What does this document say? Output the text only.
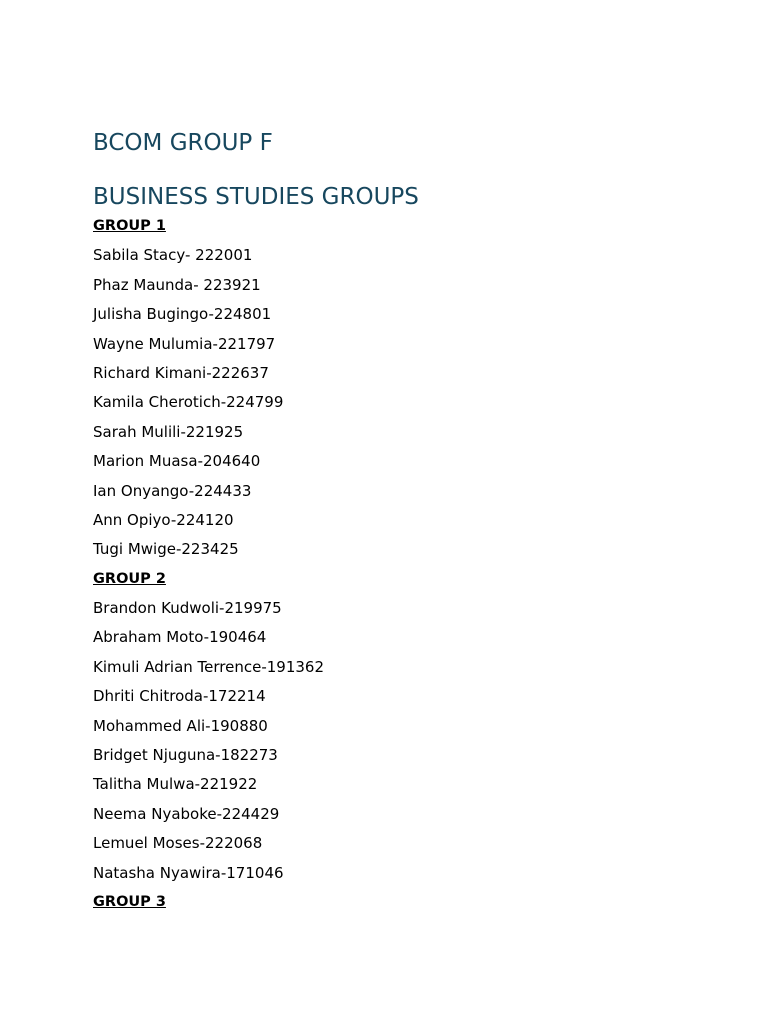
BCOM GROUP F
BUSINESS STUDIES GROUPS
GROUP 1
Sabila Stacy- 222001
Phaz Maunda- 223921
Julisha Bugingo-224801
Wayne Mulumia-221797
Richard Kimani-222637
Kamila Cherotich-224799
Sarah Mulili-221925
Marion Muasa-204640
Ian Onyango-224433
Ann Opiyo-224120
Tugi Mwige-223425
GROUP 2
Brandon Kudwoli-219975
Abraham Moto-190464
Kimuli Adrian Terrence-191362
Dhriti Chitroda-172214
Mohammed Ali-190880
Bridget Njuguna-182273
Talitha Mulwa-221922
Neema Nyaboke-224429
Lemuel Moses-222068
Natasha Nyawira-171046
GROUP 3
